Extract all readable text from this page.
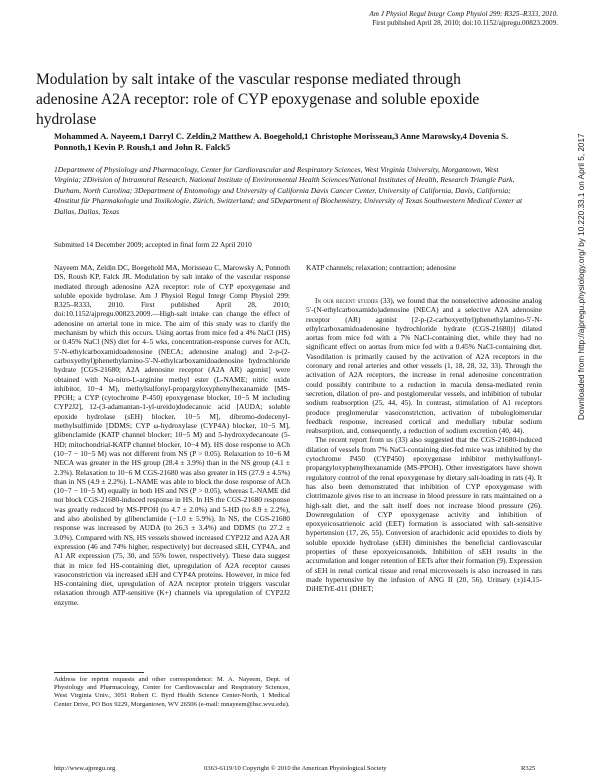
Am J Physiol Regul Integr Comp Physiol 299: R325–R333, 2010.
First published April 28, 2010; doi:10.1152/ajpregu.00823.2009.
Modulation by salt intake of the vascular response mediated through adenosine A2A receptor: role of CYP epoxygenase and soluble epoxide hydrolase
Mohammed A. Nayeem,1 Darryl C. Zeldin,2 Matthew A. Boegehold,1 Christophe Morisseau,3 Anne Marowsky,4 Dovenia S. Ponnoth,1 Kevin P. Roush,1 and John R. Falck5
1Department of Physiology and Pharmacology, Center for Cardiovascular and Respiratory Sciences, West Virginia University, Morgantown, West Virginia; 2Division of Intramural Research, National Institute of Environmental Health Sciences/National Institutes of Health, Research Triangle Park, Durham, North Carolina; 3Department of Entomology and University of California Davis Cancer Center, University of California, Davis, California; 4Institut für Pharmakologie und Toxikologie, Zürich, Switzerland; and 5Department of Biochemistry, University of Texas Southwestern Medical Center at Dallas, Dallas, Texas
Submitted 14 December 2009; accepted in final form 22 April 2010
Nayeem MA, Zeldin DC, Boegehold MA, Morisseau C, Marowsky A, Ponnoth DS, Roush KP, Falck JR. Modulation by salt intake of the vascular response mediated through adenosine A2A receptor: role of CYP epoxygenase and soluble epoxide hydrolase. Am J Physiol Regul Integr Comp Physiol 299: R325–R333, 2010. First published April 28, 2010; doi:10.1152/ajpregu.00823.2009.—High-salt intake can change the effect of adenosine on arterial tone in mice. The aim of this study was to clarify the mechanism by which this occurs. Using aortas from mice fed a 4% NaCl (HS) or 0.45% NaCl (NS) diet for 4–5 wks, concentration-response curves for ACh, 5′-N-ethylcarboxamidoadenosine (NECA; adenosine analog) and 2-p-(2-carboxyethyl)phenethylamino-5′-N-ethylcarboxamidoadenosine hydrochloride hydrate [CGS-21680; A2A adenosine receptor (A2A AR) agonist] were obtained with Nω-nitro-L-arginine methyl ester (L-NAME; nitric oxide inhibitor, 10−4 M), methylsulfonyl-propargyloxyphenylhexanamide [MS-PPOH; a CYP (cytochrome P-450) epoxygenase blocker, 10−5 M including CYP2J2], 12-(3-adamantan-1-yl-ureido)dodecanoic acid [AUDA; soluble epoxide hydrolase (sEH) blocker, 10−5 M], dibromo-dodecenyl-methylsulfimide [DDMS; CYP ω-hydroxylase (CYP4A) blocker, 10−5 M], glibenclamide (KATP channel blocker; 10−5 M) and 5-hydroxydecanoate (5-HD; mitochondrial-KATP channel blocker, 10−4 M). HS dose response to ACh (10−7 − 10−5 M) was not different from NS (P > 0.05). Relaxation to 10−6 M NECA was greater in the HS group (28.4 ± 3.9%) than in the NS group (4.1 ± 2.3%). Relaxation to 10−6 M CGS-21680 was also greater in HS (27.9 ± 4.5%) than in NS (4.9 ± 2.2%). L-NAME was able to block the dose response of ACh (10−7 − 10−5 M) equally in both HS and NS (P > 0.05), whereas L-NAME did not block CGS-21680-induced response in HS. In HS the CGS-21680 response was greatly reduced by MS-PPOH (to 4.7 ± 2.0%) and 5-HD (to 8.9 ± 2.2%), and also abolished by glibenclamide (−1.0 ± 5.9%). In NS, the CGS-21680 response was increased by AUDA (to 26.3 ± 3.4%) and DDMS (to 27.2 ± 3.0%). Compared with NS, HS vessels showed increased CYP2J2 and A2A AR expression (46 and 74% higher, respectively) but decreased sEH, CYP4A, and A1 AR expression (75, 30, and 55% lower, respectively). These data suggest that in mice fed HS-containing diet, upregulation of A2A receptor causes vasoconstriction via increased sEH and CYP4A proteins. However, in mice fed HS-containing diet, upregulation of A2A receptor protein triggers vascular relaxation through ATP-sensitive (K+) channels via upregulation of CYP2J2 enzyme.
KATP channels; relaxation; contraction; adenosine

In our recent studies (33), we found that the nonselective adenosine analog 5′-(N-ethylcarboxamido)adenosine (NECA) and a selective A2A adenosine receptor (AR) agonist [2-p-(2-carboxyethyl)phenethylamino-5′-N-ethylcarboxamidoadenosine hydrochloride hydrate (CGS-21680)] dilated aortas from mice fed with a 7% NaCl-containing diet, while they had no significant effect on aortas from mice fed with a 0.45% NaCl-containing diet. Vasodilation is primarily caused by the activation of A2A receptors in the coronary and renal arteries and other vessels (1, 18, 28, 32, 33). Through the activation of A2A receptors, the increase in renal adenosine concentration could possibly contribute to a reduction in macula densa-mediated renin secretion, dilation of pre- and postglomerular vessels, and inhibition of tubular sodium reabsorption (25, 44, 45). In contrast, stimulation of A1 receptors produce preglomerular vasoconstriction, activation of tubuloglomerular feedback response, increased cortical and medullary tubular sodium reabsorption, and, consequently, a reduction of sodium excretion (40, 44).

The recent report from us (33) also suggested that the CGS-21680-induced dilation of vessels from 7% NaCl-containing diet-fed mice was inhibited by the cytochrome P450 (CYP450) epoxygenase inhibitor methylsulfonyl-propargyloxyphenylhexanamide (MS-PPOH). Other investigators have shown regulatory control of the renal epoxygenase by dietary salt-loading in rats (4). It has also been demonstrated that inhibition of CYP epoxygenase with clotrimazole gives rise to an increase in blood pressure in rats maintained on a high-salt diet, and the salt itself does not increase blood pressure (26). Downregulation of CYP epoxygenase activity and inhibition of epoxyeicosatrienoic acid (EET) formation is associated with salt-sensitive hypertension (17, 26, 55). Conversion of arachidonic acid epoxides to diols by soluble epoxide hydrolase (sEH) diminishes the beneficial cardiovascular properties of these epoxyeicosanoids. Inhibition of sEH results in the accumulation and longer retention of EETs after their formation (9). Expression of sEH in renal cortical tissue and renal microvessels is also increased in rats made hypertensive by the infusion of ANG II (20, 56). Urinary (±)14,15-DiHETrE-d11 (DHET;

Address for reprint requests and other correspondence: M. A. Nayeem, Dept. of Physiology and Pharmacology, Center for Cardiovascular and Respiratory Sciences, West Virginia Univ., 3051 Robert C. Byrd Health Science Center-North, 1 Medical Center Drive, PO Box 9229, Morgantown, WV 26506 (e-mail: mnayeem@hsc.wvu.edu).
http://www.ajpregu.org	0363-6119/10 Copyright © 2010 the American Physiological Society	R325
Downloaded from http://ajpregu.physiology.org/ by 10.220.33.1 on April 5, 2017
